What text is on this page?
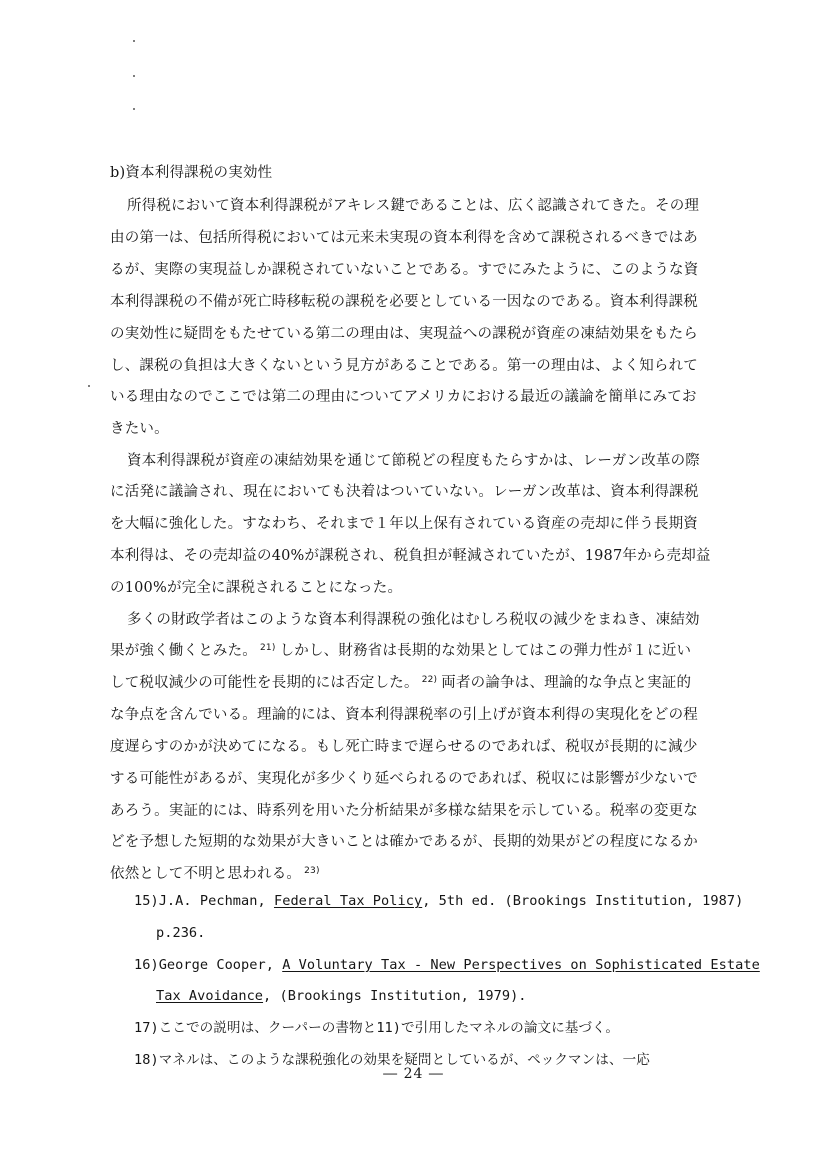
b)資本利得課税の実効性
所得税において資本利得課税がアキレス鍵であることは、広く認識されてきた。その理
由の第一は、包括所得税においては元来未実現の資本利得を含めて課税されるべきではあ
るが、実際の実現益しか課税されていないことである。すでにみたように、このような資
本利得課税の不備が死亡時移転税の課税を必要としている一因なのである。資本利得課税
の実効性に疑問をもたせている第二の理由は、実現益への課税が資産の凍結効果をもたら
し、課税の負担は大きくないという見方があることである。第一の理由は、よく知られて
いる理由なのでここでは第二の理由についてアメリカにおける最近の議論を簡単にみてお
きたい。
資本利得課税が資産の凍結効果を通じて節税どの程度もたらすかは、レーガン改革の際
に活発に議論され、現在においても決着はついていない。レーガン改革は、資本利得課税
を大幅に強化した。すなわち、それまで１年以上保有されている資産の売却に伴う長期資
本利得は、その売却益の40%が課税され、税負担が軽減されていたが、1987年から売却益
の100%が完全に課税されることになった。
多くの財政学者はこのような資本利得課税の強化はむしろ税収の減少をまねき、凍結効
果が強く働くとみた。 $^{21)}$ しかし、財務省は長期的な効果としてはこの弾力性が１に近い
して税収減少の可能性を長期的には否定した。 $^{22)}$ 両者の論争は、理論的な争点と実証的
な争点を含んでいる。理論的には、資本利得課税率の引上げが資本利得の実現化をどの程
度遅らすのかが決めてになる。もし死亡時まで遅らせるのであれば、税収が長期的に減少
する可能性があるが、実現化が多少くり延べられるのであれば、税収には影響が少ないで
あろう。実証的には、時系列を用いた分析結果が多様な結果を示している。税率の変更な
どを予想した短期的な効果が大きいことは確かであるが、長期的効果がどの程度になるか
依然として不明と思われる。 $^{23)}$
15)J.A. Pechman, Federal Tax Policy, 5th ed. (Brookings Institution, 1987)
p.236.
16)George Cooper, A Voluntary Tax - New Perspectives on Sophisticated Estate
Tax Avoidance, (Brookings Institution, 1979).
17)ここでの説明は、クーパーの書物と11)で引用したマネルの論文に基づく。
18)マネルは、このような課税強化の効果を疑問としているが、ペックマンは、一応
― 24 ―
